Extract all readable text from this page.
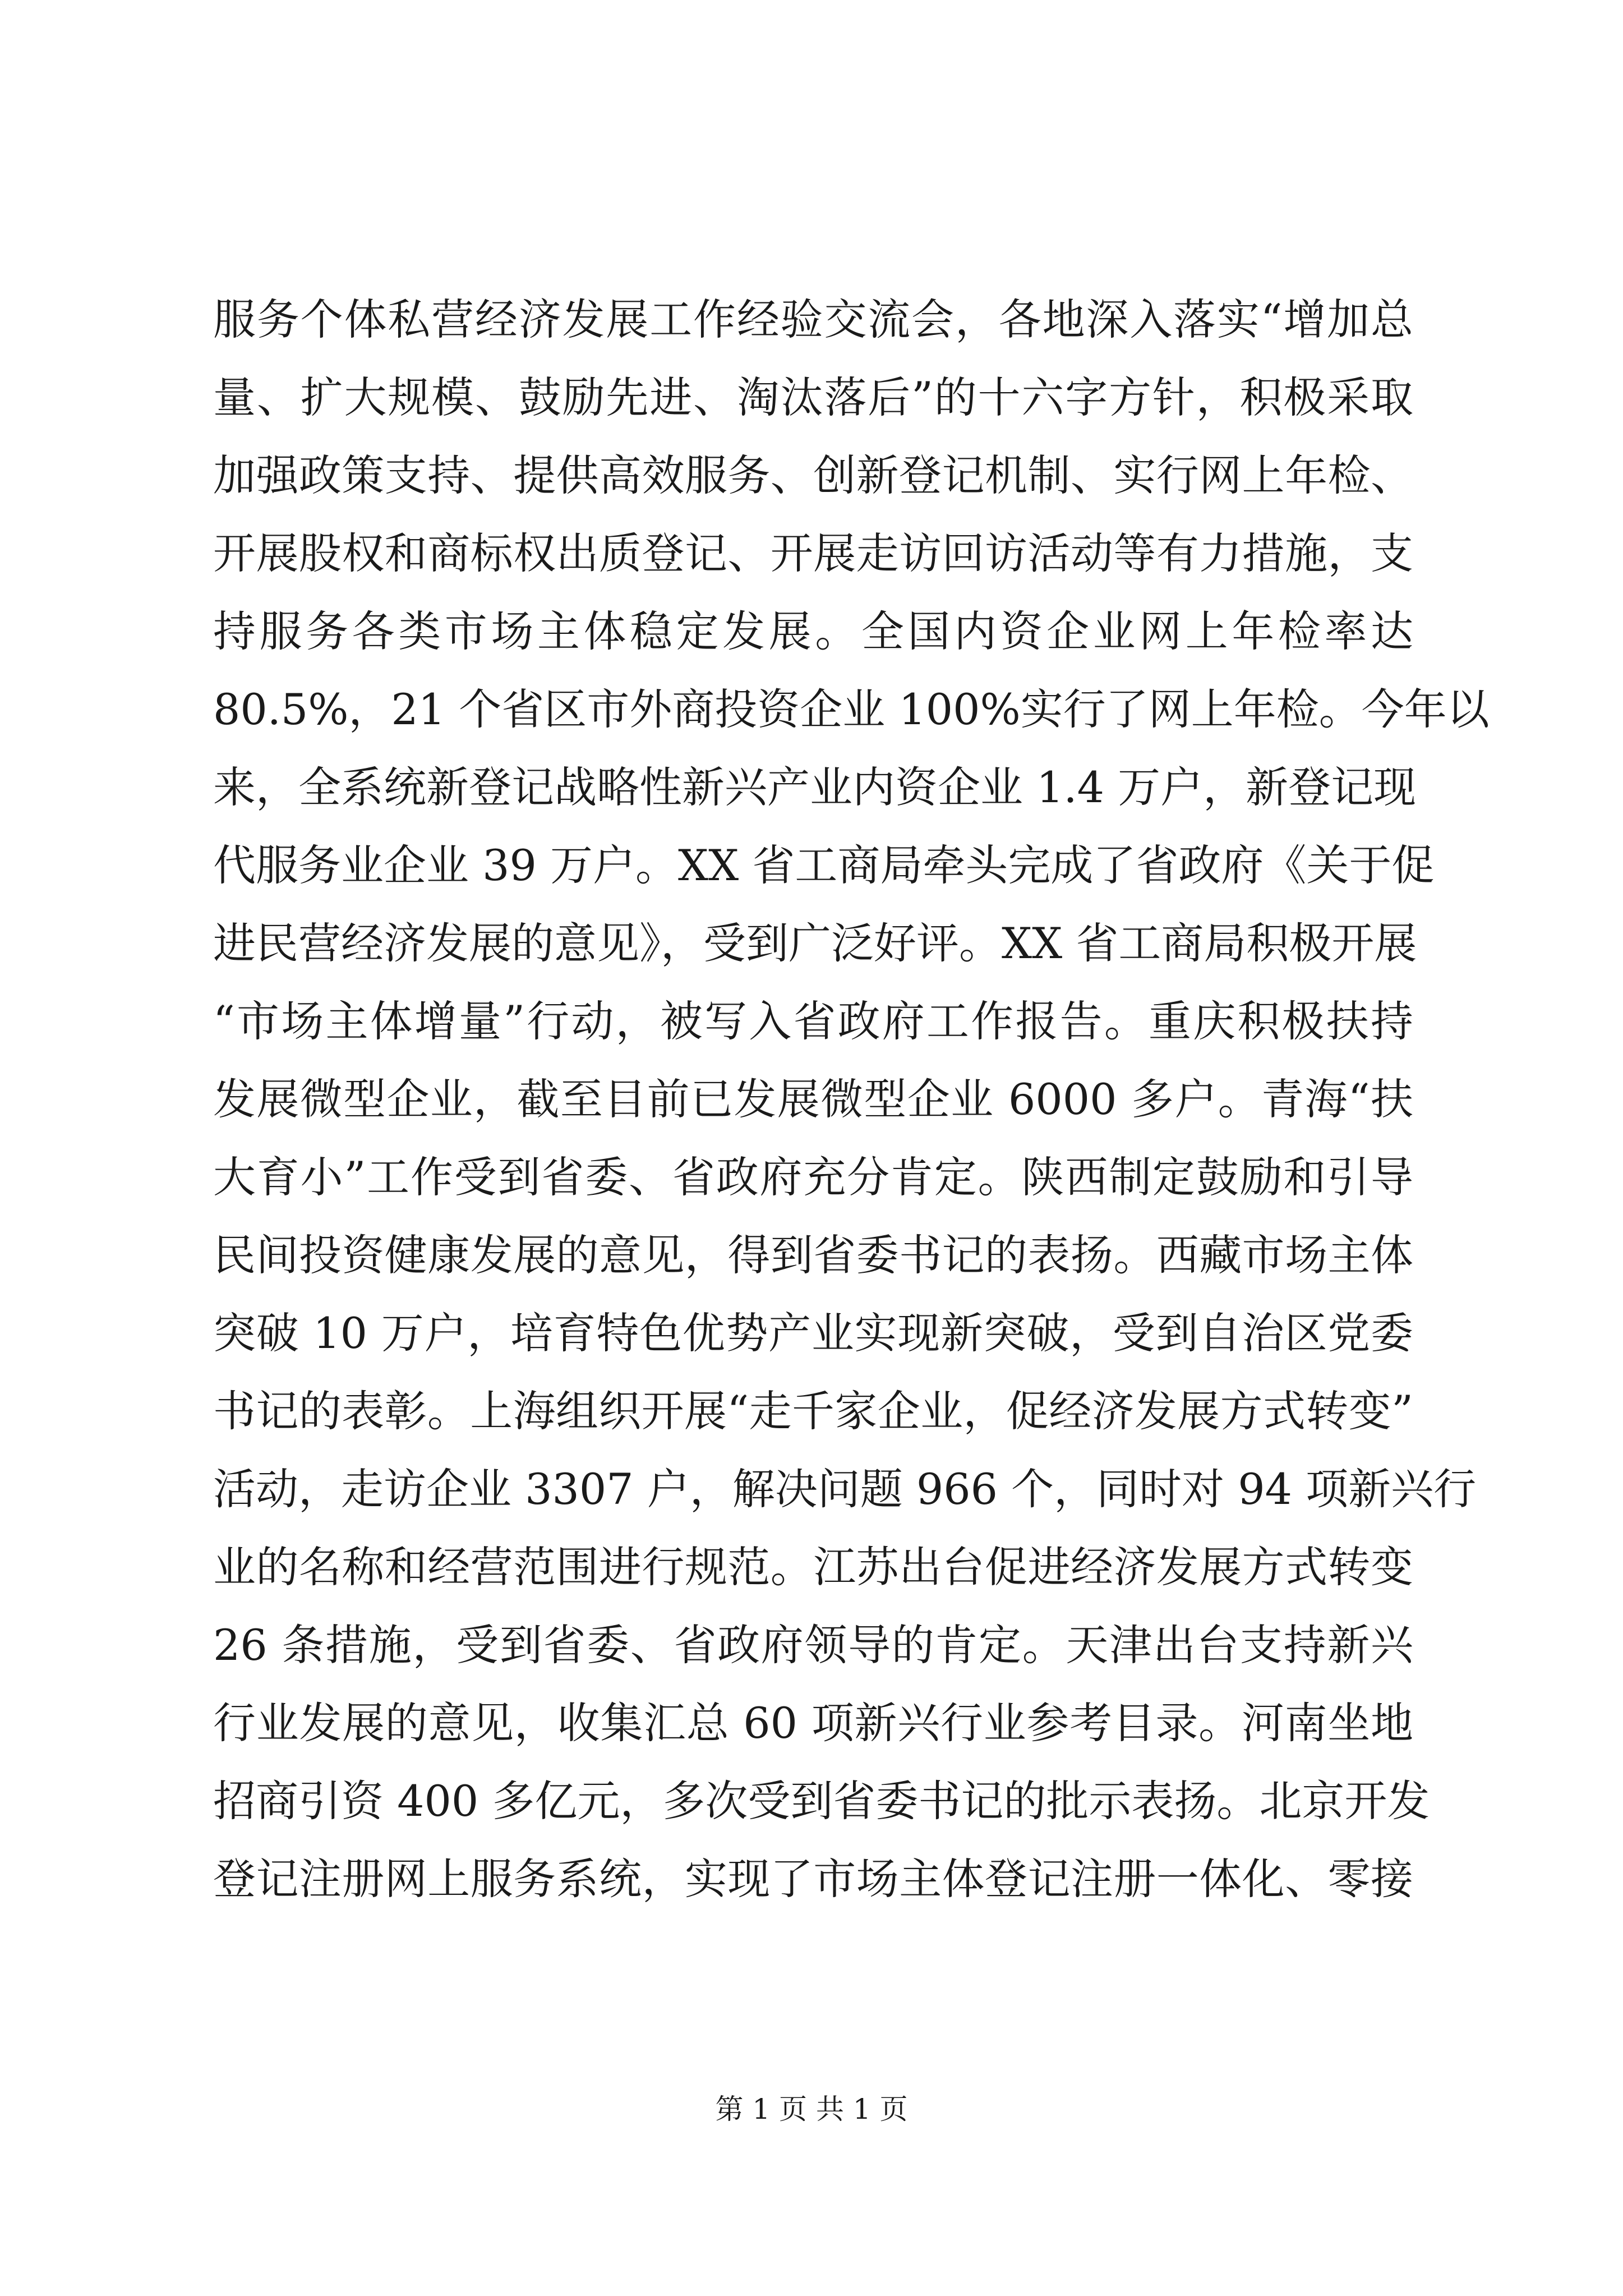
服务个体私营经济发展工作经验交流会，各地深入落实“增加总
量、扩大规模、鼓励先进、淘汰落后”的十六字方针，积极采取
加强政策支持、提供高效服务、创新登记机制、实行网上年检、
开展股权和商标权出质登记、开展走访回访活动等有力措施，支
持服务各类市场主体稳定发展。全国内资企业网上年检率达
80.5%，21 个省区市外商投资企业 100%实行了网上年检。今年以
来，全系统新登记战略性新兴产业内资企业 1.4 万户，新登记现
代服务业企业 39 万户。XX 省工商局牵头完成了省政府《关于促
进民营经济发展的意见》，受到广泛好评。XX 省工商局积极开展
“市场主体增量”行动，被写入省政府工作报告。重庆积极扶持
发展微型企业，截至目前已发展微型企业 6000 多户。青海“扶
大育小”工作受到省委、省政府充分肯定。陕西制定鼓励和引导
民间投资健康发展的意见，得到省委书记的表扬。西藏市场主体
突破 10 万户，培育特色优势产业实现新突破，受到自治区党委
书记的表彰。上海组织开展“走千家企业，促经济发展方式转变”
活动，走访企业 3307 户，解决问题 966 个，同时对 94 项新兴行
业的名称和经营范围进行规范。江苏出台促进经济发展方式转变
26 条措施，受到省委、省政府领导的肯定。天津出台支持新兴
行业发展的意见，收集汇总 60 项新兴行业参考目录。河南坐地
招商引资 400 多亿元，多次受到省委书记的批示表扬。北京开发
登记注册网上服务系统，实现了市场主体登记注册一体化、零接
第 1 页 共 1 页
